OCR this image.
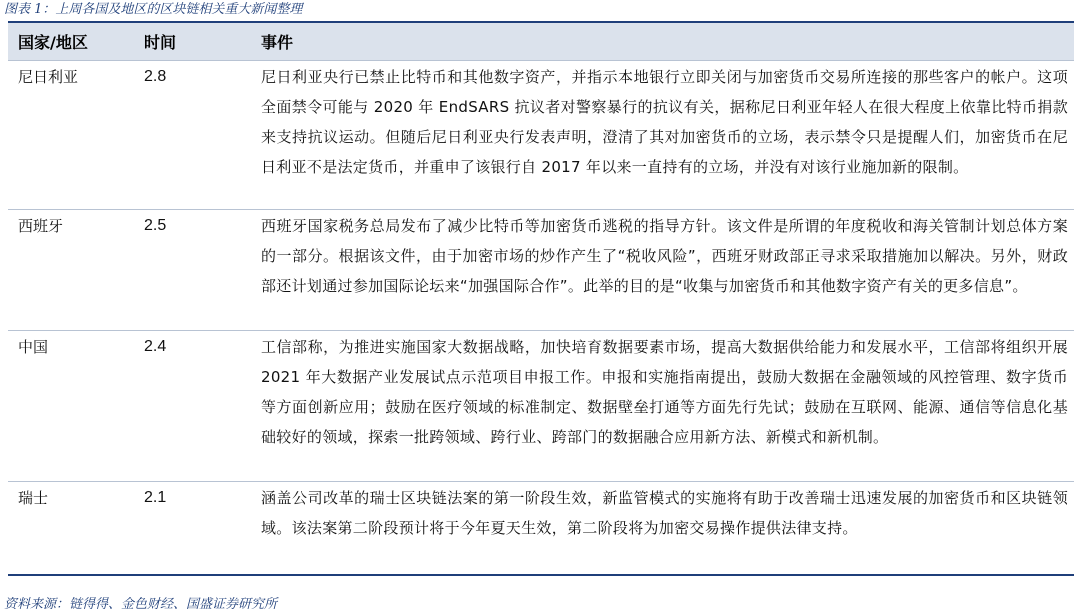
图表 1：上周各国及地区的区块链相关重大新闻整理
国家/地区	时间	事件
尼日利亚	2.8	尼日利亚央行已禁止比特币和其他数字资产，并指示本地银行立即关闭与加密货币交易所连接的那些客户的帐户。这项全面禁令可能与 2020 年 EndSARS 抗议者对警察暴行的抗议有关，据称尼日利亚年轻人在很大程度上依靠比特币捐款来支持抗议运动。但随后尼日利亚央行发表声明，澄清了其对加密货币的立场，表示禁令只是提醒人们，加密货币在尼日利亚不是法定货币，并重申了该银行自 2017 年以来一直持有的立场，并没有对该行业施加新的限制。
西班牙	2.5	西班牙国家税务总局发布了减少比特币等加密货币逃税的指导方针。该文件是所谓的年度税收和海关管制计划总体方案的一部分。根据该文件，由于加密市场的炒作产生了“税收风险”，西班牙财政部正寻求采取措施加以解决。另外，财政部还计划通过参加国际论坛来“加强国际合作”。此举的目的是“收集与加密货币和其他数字资产有关的更多信息”。
中国	2.4	工信部称，为推进实施国家大数据战略，加快培育数据要素市场，提高大数据供给能力和发展水平，工信部将组织开展 2021 年大数据产业发展试点示范项目申报工作。申报和实施指南提出，鼓励大数据在金融领域的风控管理、数字货币等方面创新应用；鼓励在医疗领域的标准制定、数据壁垒打通等方面先行先试；鼓励在互联网、能源、通信等信息化基础较好的领域，探索一批跨领域、跨行业、跨部门的数据融合应用新方法、新模式和新机制。
瑞士	2.1	涵盖公司改革的瑞士区块链法案的第一阶段生效，新监管模式的实施将有助于改善瑞士迅速发展的加密货币和区块链领域。该法案第二阶段预计将于今年夏天生效，第二阶段将为加密交易操作提供法律支持。
资料来源：链得得、金色财经、国盛证券研究所
